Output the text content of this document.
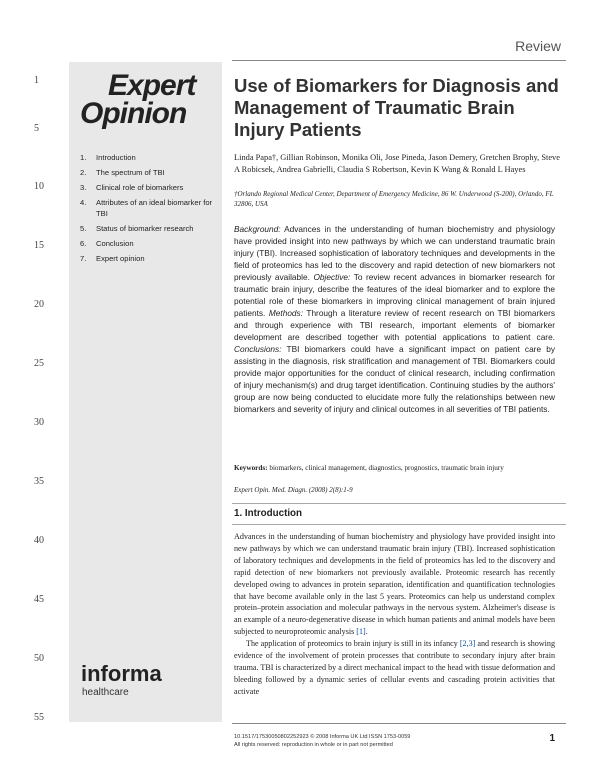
Review
1
5
10
15
20
25
30
35
40
45
50
55
Expert
Opinion
1. Introduction
2. The spectrum of TBI
3. Clinical role of biomarkers
4. Attributes of an ideal biomarker for TBI
5. Status of biomarker research
6. Conclusion
7. Expert opinion
informa
healthcare
Use of Biomarkers for Diagnosis and Management of Traumatic Brain Injury Patients
Linda Papa†, Gillian Robinson, Monika Oli, Jose Pineda, Jason Demery, Gretchen Brophy, Steve A Robicsek, Andrea Gabrielli, Claudia S Robertson, Kevin K Wang & Ronald L Hayes
†Orlando Regional Medical Center, Department of Emergency Medicine, 86 W. Underwood (S-200), Orlando, FL 32806, USA
Background: Advances in the understanding of human biochemistry and physiology have provided insight into new pathways by which we can understand traumatic brain injury (TBI). Increased sophistication of laboratory techniques and developments in the field of proteomics has led to the discovery and rapid detection of new biomarkers not previously available. Objective: To review recent advances in biomarker research for traumatic brain injury, describe the features of the ideal biomarker and to explore the potential role of these biomarkers in improving clinical management of brain injured patients. Methods: Through a literature review of recent research on TBI biomarkers and through experience with TBI research, important elements of biomarker development are described together with potential applications to patient care. Conclusions: TBI biomarkers could have a significant impact on patient care by assisting in the diagnosis, risk stratification and management of TBI. Biomarkers could provide major opportunities for the conduct of clinical research, including confirmation of injury mechanism(s) and drug target identification. Continuing studies by the authors' group are now being conducted to elucidate more fully the relationships between new biomarkers and severity of injury and clinical outcomes in all severities of TBI patients.
Keywords: biomarkers, clinical management, diagnostics, prognostics, traumatic brain injury
Expert Opin. Med. Diagn. (2008) 2(8):1-9
1. Introduction

Advances in the understanding of human biochemistry and physiology have provided insight into new pathways by which we can understand traumatic brain injury (TBI). Increased sophistication of laboratory techniques and developments in the field of proteomics has led to the discovery and rapid detection of new biomarkers not previously available. Proteomic research has recently developed owing to advances in protein separation, identification and quantification technologies that have become available only in the last 5 years. Proteomics can help us understand complex protein–protein association and molecular pathways in the nervous system. Alzheimer's disease is an example of a neuro-degenerative disease in which human patients and animal models have been subjected to neuroproteomic analysis [1].

The application of proteomics to brain injury is still in its infancy [2,3] and research is showing evidence of the involvement of protein processes that contribute to secondary injury after brain trauma. TBI is characterized by a direct mechanical impact to the head with tissue deformation and bleeding followed by a dynamic series of cellular events and cascading protein activities that activate

10.1517/17530050802252923 © 2008 Informa UK Ltd ISSN 1753-0059
All rights reserved: reproduction in whole or in part not permitted
1
